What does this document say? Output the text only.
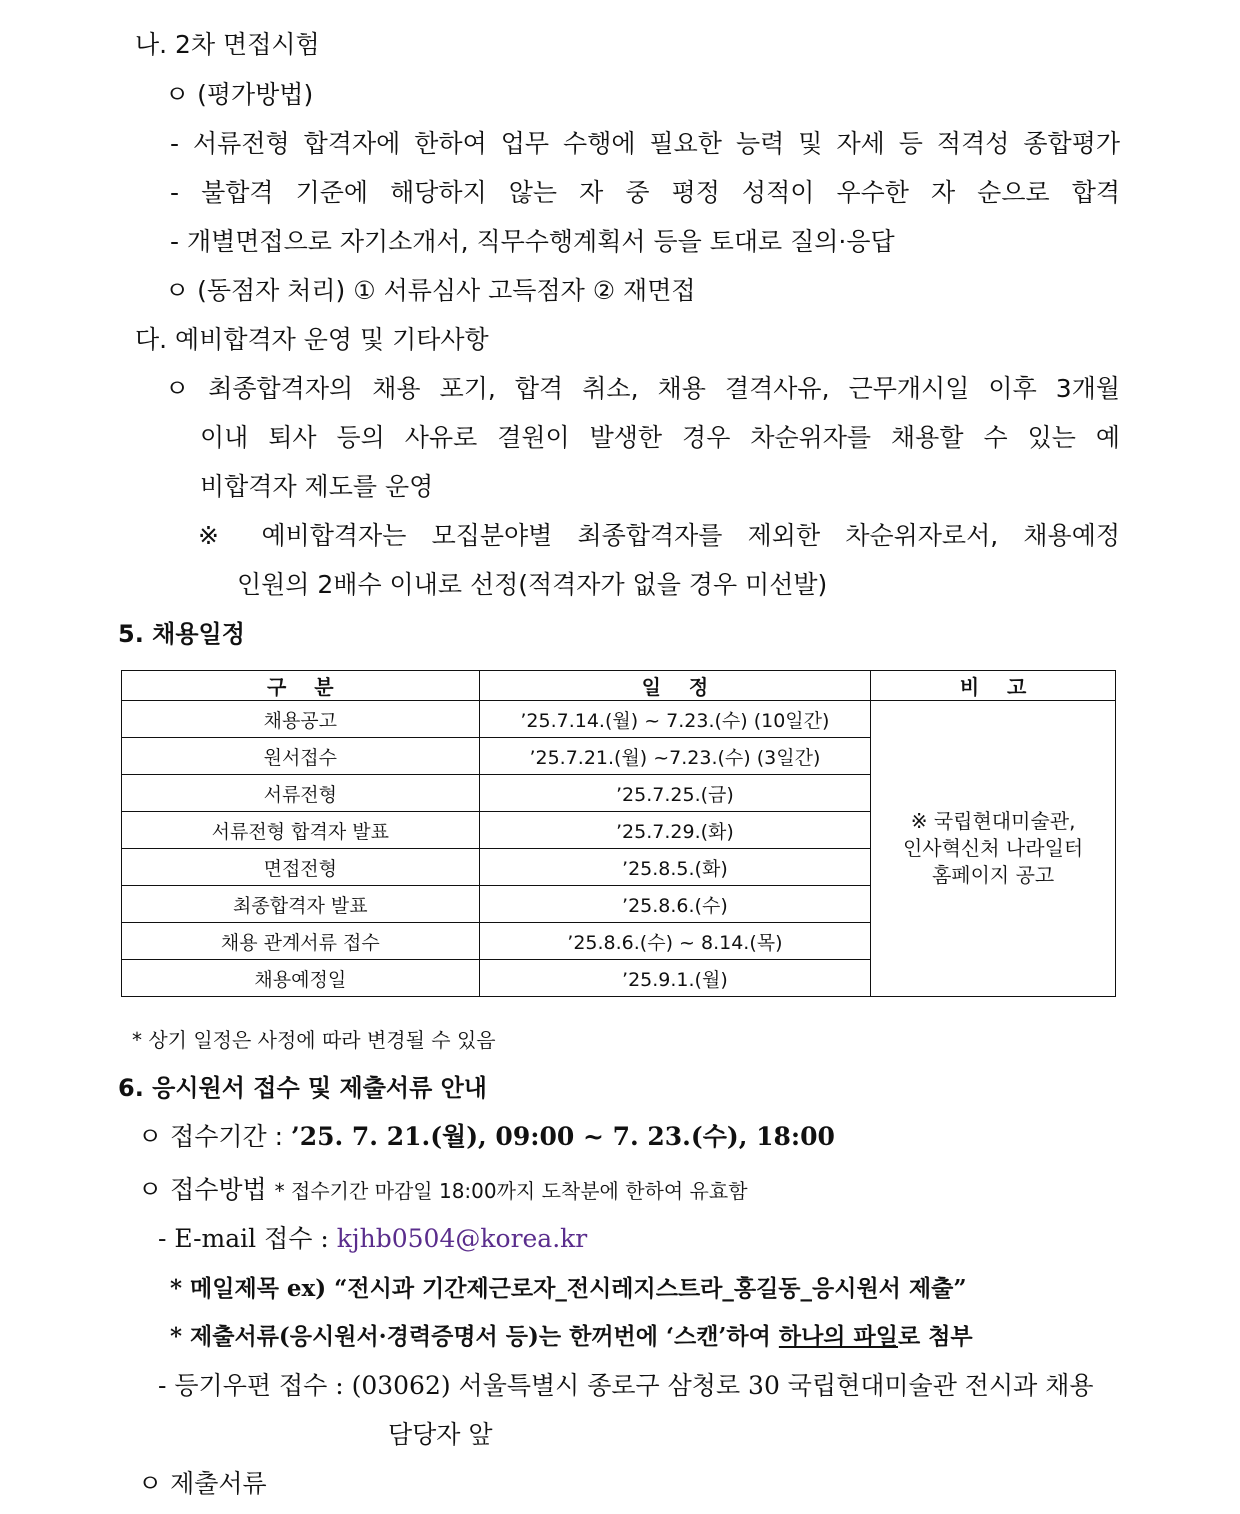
나. 2차 면접시험
ㅇ (평가방법)
- 서류전형 합격자에 한하여 업무 수행에 필요한 능력 및 자세 등 적격성 종합평가
- 불합격 기준에 해당하지 않는 자 중 평정 성적이 우수한 자 순으로 합격
- 개별면접으로 자기소개서, 직무수행계획서 등을 토대로 질의·응답
ㅇ (동점자 처리) ① 서류심사 고득점자 ② 재면접
다. 예비합격자 운영 및 기타사항
ㅇ 최종합격자의 채용 포기, 합격 취소, 채용 결격사유, 근무개시일 이후 3개월
이내 퇴사 등의 사유로 결원이 발생한 경우 차순위자를 채용할 수 있는 예
비합격자 제도를 운영
※ 예비합격자는 모집분야별 최종합격자를 제외한 차순위자로서, 채용예정
인원의 2배수 이내로 선정(적격자가 없을 경우 미선발)
5. 채용일정
구    분	일    정	비    고
채용공고	’25.7.14.(월) ~ 7.23.(수) (10일간)	※ 국립현대미술관,
인사혁신처 나라일터
홈페이지 공고

원서접수	’25.7.21.(월) ~7.23.(수) (3일간)	
서류전형	’25.7.25.(금)	
서류전형 합격자 발표	’25.7.29.(화)	
면접전형	’25.8.5.(화)	
최종합격자 발표	’25.8.6.(수)	
채용 관계서류 접수	’25.8.6.(수) ~ 8.14.(목)	
채용예정일	’25.9.1.(월)	
* 상기 일정은 사정에 따라 변경될 수 있음
6. 응시원서 접수 및 제출서류 안내
ㅇ 접수기간 : ’25. 7. 21.(월), 09:00 ~ 7. 23.(수), 18:00
ㅇ 접수방법 * 접수기간 마감일 18:00까지 도착분에 한하여 유효함
- E-mail 접수 : kjhb0504@korea.kr
* 메일제목 ex) “전시과 기간제근로자_전시레지스트라_홍길동_응시원서 제출”
* 제출서류(응시원서·경력증명서 등)는 한꺼번에 ‘스캔’하여 하나의 파일로 첨부
- 등기우편 접수 : (03062) 서울특별시 종로구 삼청로 30 국립현대미술관 전시과 채용
담당자 앞
ㅇ 제출서류
